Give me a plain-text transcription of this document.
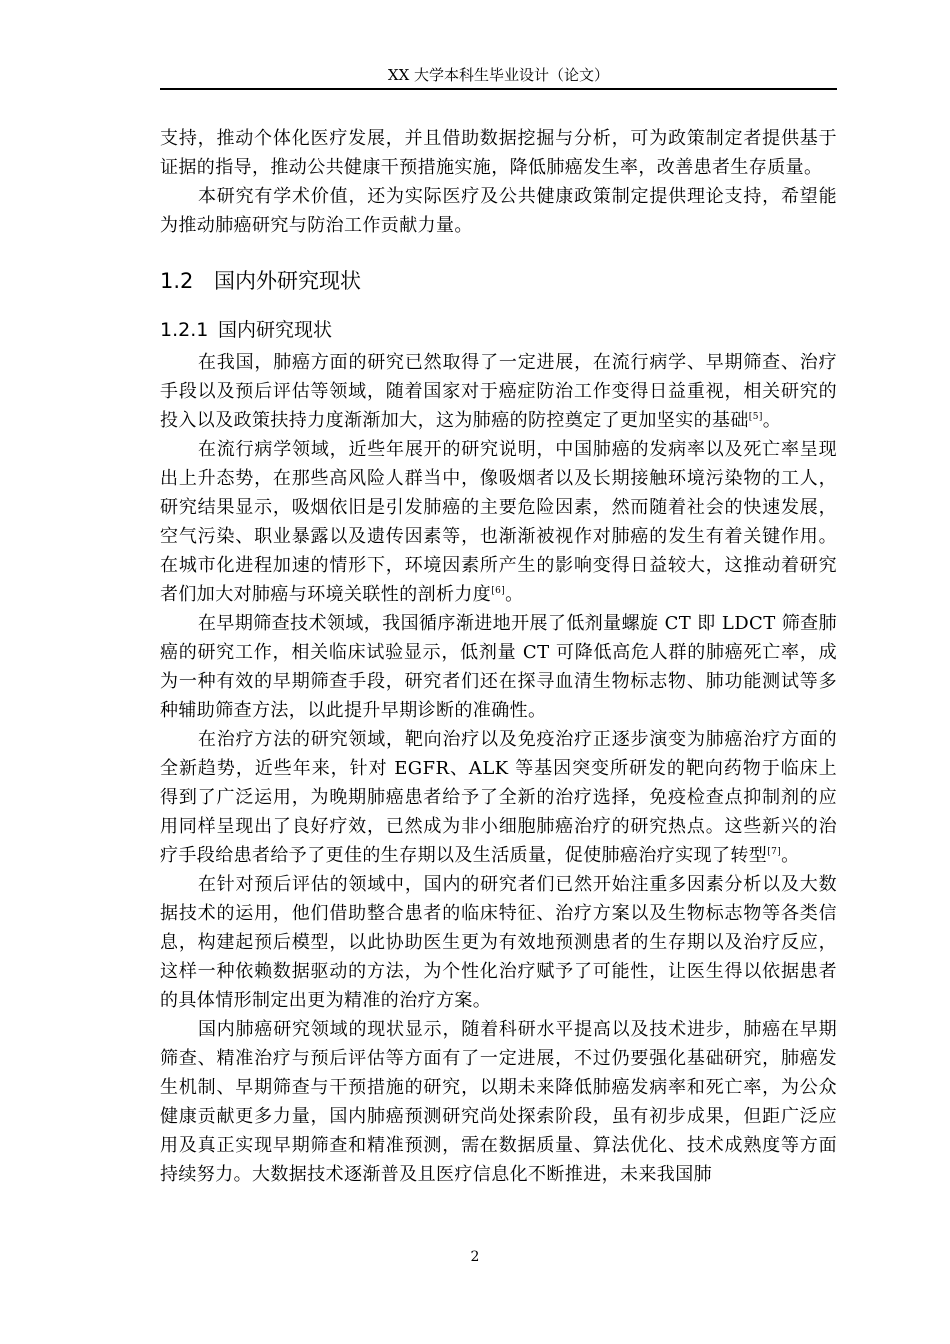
XX 大学本科生毕业设计（论文）

支持，推动个体化医疗发展，并且借助数据挖掘与分析，可为政策制定者提供基于证据的指导，推动公共健康干预措施实施，降低肺癌发生率，改善患者生存质量。

本研究有学术价值，还为实际医疗及公共健康政策制定提供理论支持，希望能为推动肺癌研究与防治工作贡献力量。

1.2 国内外研究现状
1.2.1 国内研究现状

在我国，肺癌方面的研究已然取得了一定进展，在流行病学、早期筛查、治疗手段以及预后评估等领域，随着国家对于癌症防治工作变得日益重视，相关研究的投入以及政策扶持力度渐渐加大，这为肺癌的防控奠定了更加坚实的基础[5]。

在流行病学领域，近些年展开的研究说明，中国肺癌的发病率以及死亡率呈现出上升态势，在那些高风险人群当中，像吸烟者以及长期接触环境污染物的工人，研究结果显示，吸烟依旧是引发肺癌的主要危险因素，然而随着社会的快速发展，空气污染、职业暴露以及遗传因素等，也渐渐被视作对肺癌的发生有着关键作用。在城市化进程加速的情形下，环境因素所产生的影响变得日益较大，这推动着研究者们加大对肺癌与环境关联性的剖析力度[6]。

在早期筛查技术领域，我国循序渐进地开展了低剂量螺旋 CT 即 LDCT 筛查肺癌的研究工作，相关临床试验显示，低剂量 CT 可降低高危人群的肺癌死亡率，成为一种有效的早期筛查手段，研究者们还在探寻血清生物标志物、肺功能测试等多种辅助筛查方法，以此提升早期诊断的准确性。

在治疗方法的研究领域，靶向治疗以及免疫治疗正逐步演变为肺癌治疗方面的全新趋势，近些年来，针对 EGFR、ALK 等基因突变所研发的靶向药物于临床上得到了广泛运用，为晚期肺癌患者给予了全新的治疗选择，免疫检查点抑制剂的应用同样呈现出了良好疗效，已然成为非小细胞肺癌治疗的研究热点。这些新兴的治疗手段给患者给予了更佳的生存期以及生活质量，促使肺癌治疗实现了转型[7]。

在针对预后评估的领域中，国内的研究者们已然开始注重多因素分析以及大数据技术的运用，他们借助整合患者的临床特征、治疗方案以及生物标志物等各类信息，构建起预后模型，以此协助医生更为有效地预测患者的生存期以及治疗反应，这样一种依赖数据驱动的方法，为个性化治疗赋予了可能性，让医生得以依据患者的具体情形制定出更为精准的治疗方案。

国内肺癌研究领域的现状显示，随着科研水平提高以及技术进步，肺癌在早期筛查、精准治疗与预后评估等方面有了一定进展，不过仍要强化基础研究，肺癌发生机制、早期筛查与干预措施的研究，以期未来降低肺癌发病率和死亡率，为公众健康贡献更多力量，国内肺癌预测研究尚处探索阶段，虽有初步成果，但距广泛应用及真正实现早期筛查和精准预测，需在数据质量、算法优化、技术成熟度等方面持续努力。大数据技术逐渐普及且医疗信息化不断推进，未来我国肺

2
